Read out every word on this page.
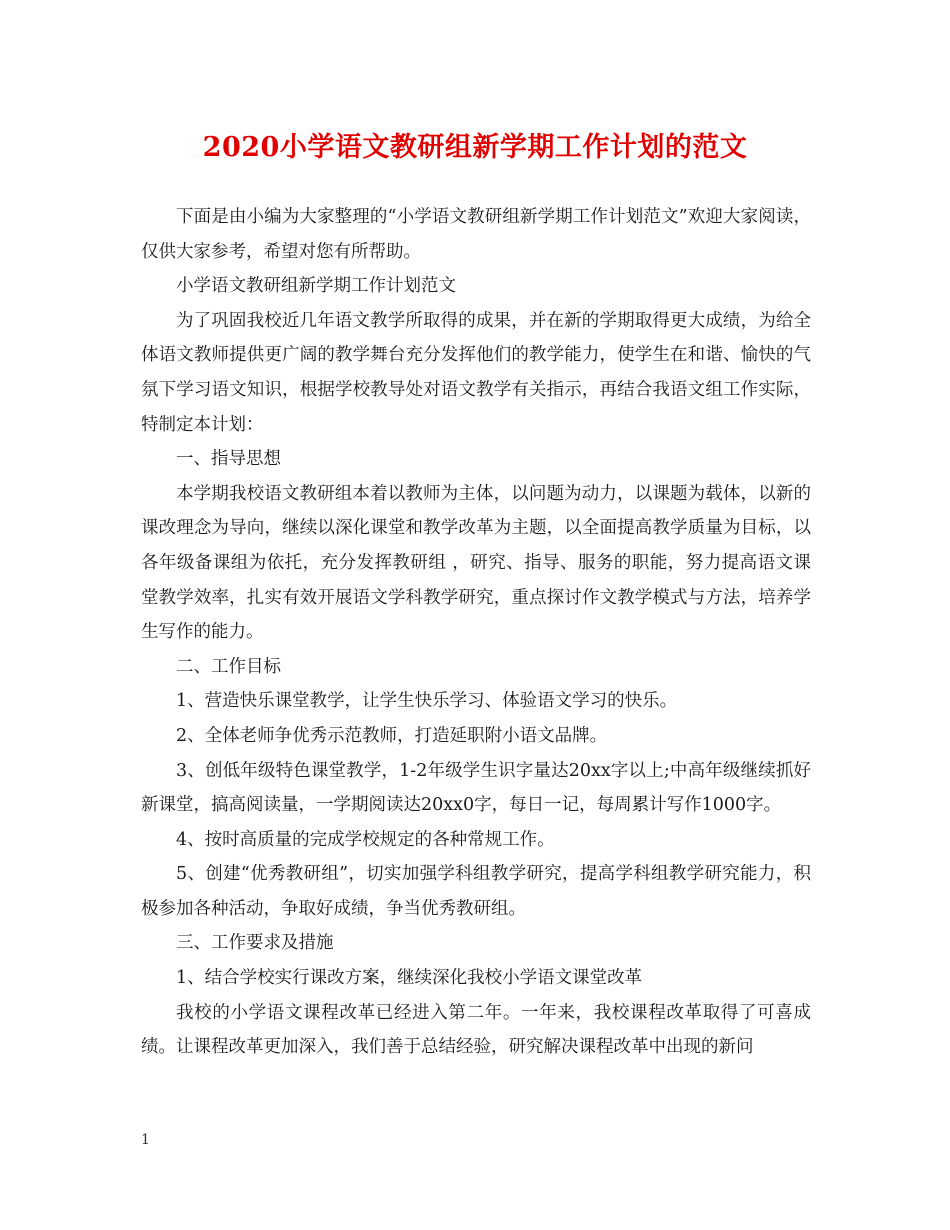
2020小学语文教研组新学期工作计划的范文

下面是由小编为大家整理的“小学语文教研组新学期工作计划范文”欢迎大家阅读，仅供大家参考，希望对您有所帮助。

小学语文教研组新学期工作计划范文

为了巩固我校近几年语文教学所取得的成果，并在新的学期取得更大成绩，为给全体语文教师提供更广阔的教学舞台充分发挥他们的教学能力，使学生在和谐、愉快的气氛下学习语文知识，根据学校教导处对语文教学有关指示，再结合我语文组工作实际，特制定本计划：

一、指导思想

本学期我校语文教研组本着以教师为主体，以问题为动力，以课题为载体，以新的课改理念为导向，继续以深化课堂和教学改革为主题，以全面提高教学质量为目标，以各年级备课组为依托，充分发挥教研组 ，研究、指导、服务的职能，努力提高语文课堂教学效率，扎实有效开展语文学科教学研究，重点探讨作文教学模式与方法，培养学生写作的能力。

二、工作目标

1、营造快乐课堂教学，让学生快乐学习、体验语文学习的快乐。

2、全体老师争优秀示范教师，打造延职附小语文品牌。

3、创低年级特色课堂教学，1-2年级学生识字量达20xx字以上;中高年级继续抓好新课堂，搞高阅读量，一学期阅读达20xx0字，每日一记，每周累计写作1000字。

4、按时高质量的完成学校规定的各种常规工作。

5、创建“优秀教研组”，切实加强学科组教学研究，提高学科组教学研究能力，积极参加各种活动，争取好成绩，争当优秀教研组。

三、工作要求及措施

1、结合学校实行课改方案，继续深化我校小学语文课堂改革

我校的小学语文课程改革已经进入第二年。一年来，我校课程改革取得了可喜成绩。让课程改革更加深入，我们善于总结经验，研究解决课程改革中出现的新问

1
